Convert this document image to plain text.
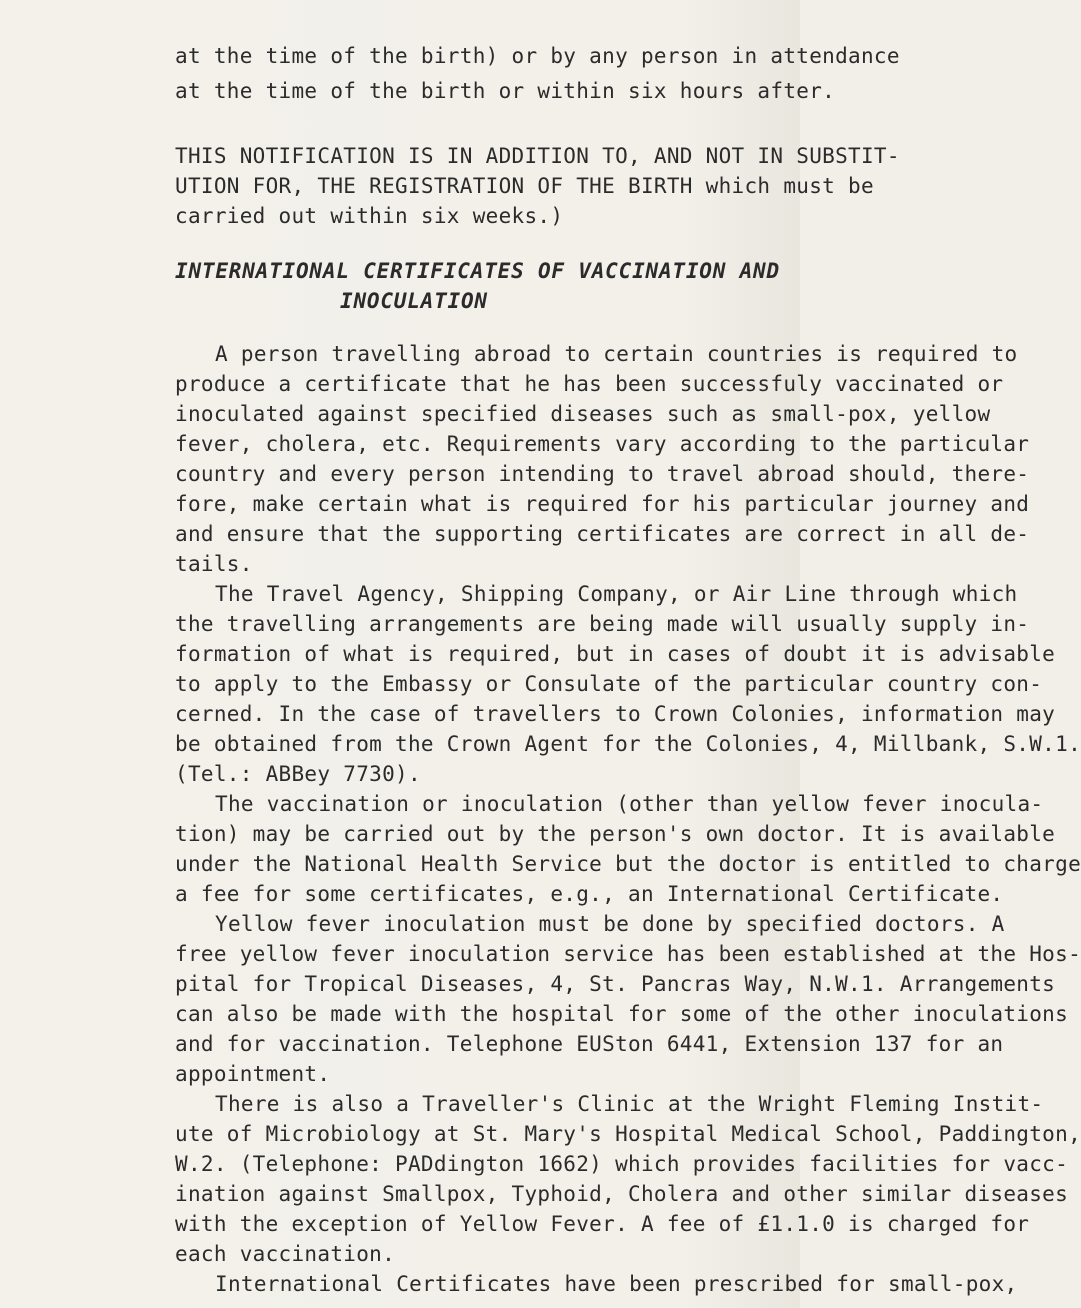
at the time of the birth) or by any person in attendance
at the time of the birth or within six hours after.
THIS NOTIFICATION IS IN ADDITION TO, AND NOT IN SUBSTIT-
UTION FOR, THE REGISTRATION OF THE BIRTH which must be
carried out within six weeks.)
INTERNATIONAL CERTIFICATES OF VACCINATION AND
INOCULATION
A person travelling abroad to certain countries is required to
produce a certificate that he has been successfuly vaccinated or
inoculated against specified diseases such as small-pox, yellow
fever, cholera, etc. Requirements vary according to the particular
country and every person intending to travel abroad should, there-
fore, make certain what is required for his particular journey and
and ensure that the supporting certificates are correct in all de-
tails.
The Travel Agency, Shipping Company, or Air Line through which
the travelling arrangements are being made will usually supply in-
formation of what is required, but in cases of doubt it is advisable
to apply to the Embassy or Consulate of the particular country con-
cerned. In the case of travellers to Crown Colonies, information may
be obtained from the Crown Agent for the Colonies, 4, Millbank, S.W.1.
(Tel.: ABBey 7730).
The vaccination or inoculation (other than yellow fever inocula-
tion) may be carried out by the person's own doctor. It is available
under the National Health Service but the doctor is entitled to charge
a fee for some certificates, e.g., an International Certificate.
Yellow fever inoculation must be done by specified doctors. A
free yellow fever inoculation service has been established at the Hos-
pital for Tropical Diseases, 4, St. Pancras Way, N.W.1. Arrangements
can also be made with the hospital for some of the other inoculations
and for vaccination. Telephone EUSton 6441, Extension 137 for an
appointment.
There is also a Traveller's Clinic at the Wright Fleming Instit-
ute of Microbiology at St. Mary's Hospital Medical School, Paddington,
W.2. (Telephone: PADdington 1662) which provides facilities for vacc-
ination against Smallpox, Typhoid, Cholera and other similar diseases
with the exception of Yellow Fever. A fee of £1.1.0 is charged for
each vaccination.
International Certificates have been prescribed for small-pox,
